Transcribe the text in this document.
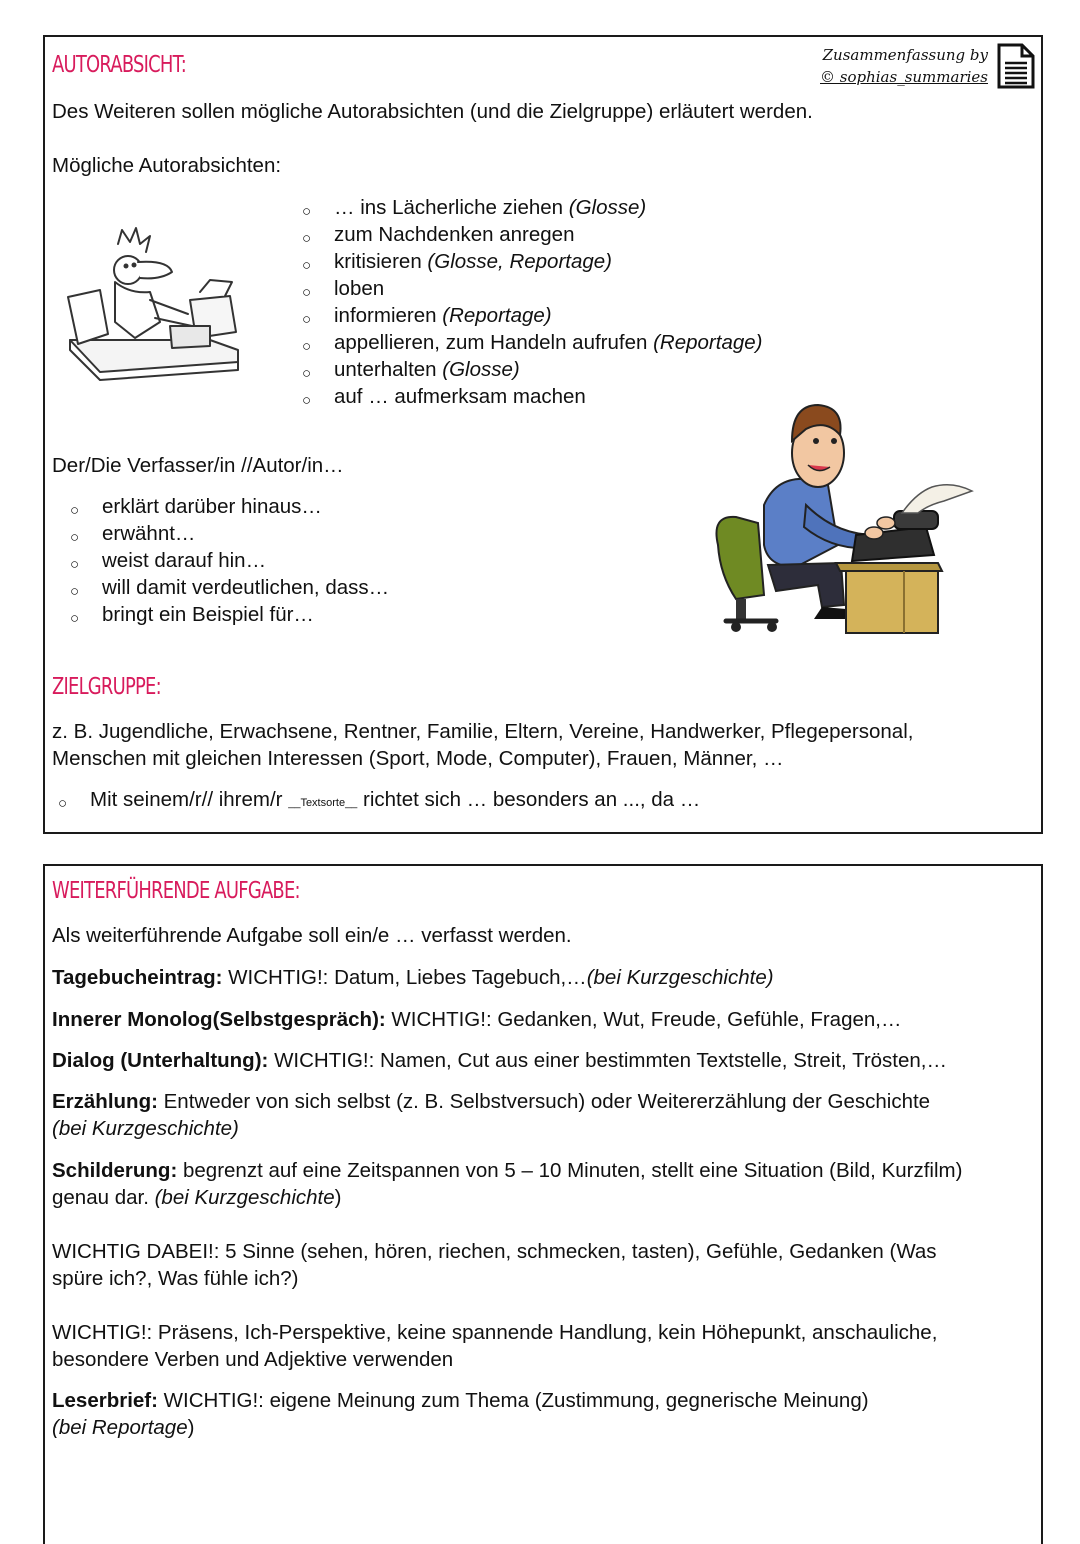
AUTORABSICHT:	Zusammenfassung by
© sophias_summaries
Des Weiteren sollen mögliche Autorabsichten (und die Zielgruppe) erläutert werden.
Mögliche Autorabsichten:
○ … ins Lächerliche ziehen (Glosse)
○ zum Nachdenken anregen
○ kritisieren (Glosse, Reportage)
○ loben
○ informieren (Reportage)
○ appellieren, zum Handeln aufrufen (Reportage)
○ unterhalten (Glosse)
○ auf … aufmerksam machen
Der/Die Verfasser/in //Autor/in…
○ erklärt darüber hinaus…
○ erwähnt…
○ weist darauf hin…
○ will damit verdeutlichen, dass…
○ bringt ein Beispiel für…
ZIELGRUPPE:
z. B. Jugendliche, Erwachsene, Rentner, Familie, Eltern, Vereine, Handwerker, Pflegepersonal,
Menschen mit gleichen Interessen (Sport, Mode, Computer), Frauen, Männer, …
○ Mit seinem/r// ihrem/r __Textsorte__ richtet sich … besonders an ..., da …
WEITERFÜHRENDE AUFGABE:
Als weiterführende Aufgabe soll ein/e … verfasst werden.
Tagebucheintrag: WICHTIG!: Datum, Liebes Tagebuch,…(bei Kurzgeschichte)
Innerer Monolog(Selbstgespräch): WICHTIG!: Gedanken, Wut, Freude, Gefühle, Fragen,…
Dialog (Unterhaltung): WICHTIG!: Namen, Cut aus einer bestimmten Textstelle, Streit, Trösten,…
Erzählung: Entweder von sich selbst (z. B. Selbstversuch) oder Weitererzählung der Geschichte
(bei Kurzgeschichte)
Schilderung: begrenzt auf eine Zeitspannen von 5 – 10 Minuten, stellt eine Situation (Bild, Kurzfilm)
genau dar. (bei Kurzgeschichte)
WICHTIG DABEI!: 5 Sinne (sehen, hören, riechen, schmecken, tasten), Gefühle, Gedanken (Was
spüre ich?, Was fühle ich?)
WICHTIG!: Präsens, Ich-Perspektive, keine spannende Handlung, kein Höhepunkt, anschauliche,
besondere Verben und Adjektive verwenden
Leserbrief: WICHTIG!: eigene Meinung zum Thema (Zustimmung, gegnerische Meinung)
(bei Reportage)
